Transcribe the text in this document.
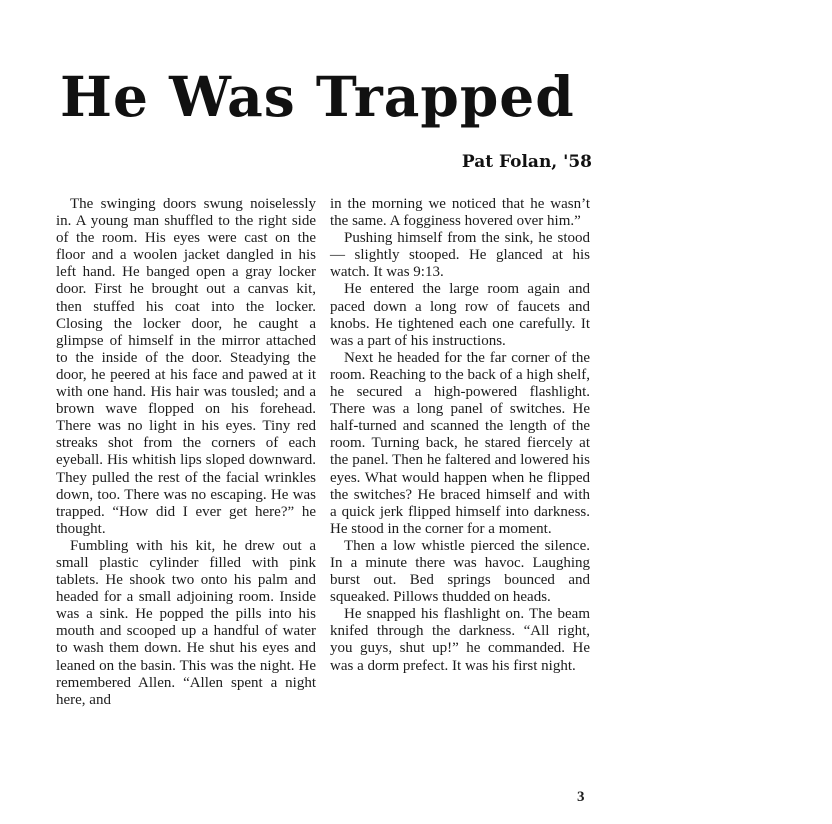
He Was Trapped
Pat Folan, '58

The swinging doors swung noiselessly in. A young man shuffled to the right side of the room. His eyes were cast on the floor and a woolen jacket dangled in his left hand. He banged open a gray locker door. First he brought out a canvas kit, then stuffed his coat into the locker. Closing the locker door, he caught a glimpse of himself in the mirror attached to the inside of the door. Steadying the door, he peered at his face and pawed at it with one hand. His hair was tousled; and a brown wave flopped on his forehead. There was no light in his eyes. Tiny red streaks shot from the corners of each eyeball. His whitish lips sloped downward. They pulled the rest of the facial wrinkles down, too. There was no escaping. He was trapped. “How did I ever get here?” he thought.

Fumbling with his kit, he drew out a small plastic cylinder filled with pink tablets. He shook two onto his palm and headed for a small adjoining room. Inside was a sink. He popped the pills into his mouth and scooped up a handful of water to wash them down. He shut his eyes and leaned on the basin. This was the night. He remembered Allen. “Allen spent a night here, and

in the morning we noticed that he wasn’t the same. A fogginess hovered over him.”

Pushing himself from the sink, he stood — slightly stooped. He glanced at his watch. It was 9:13.

He entered the large room again and paced down a long row of faucets and knobs. He tightened each one carefully. It was a part of his instructions.

Next he headed for the far corner of the room. Reaching to the back of a high shelf, he secured a high-powered flashlight. There was a long panel of switches. He half-turned and scanned the length of the room. Turning back, he stared fiercely at the panel. Then he faltered and lowered his eyes. What would happen when he flipped the switches? He braced himself and with a quick jerk flipped himself into darkness. He stood in the corner for a moment.

Then a low whistle pierced the silence. In a minute there was havoc. Laughing burst out. Bed springs bounced and squeaked. Pillows thudded on heads.

He snapped his flashlight on. The beam knifed through the darkness. “All right, you guys, shut up!” he commanded. He was a dorm prefect. It was his first night.

3
